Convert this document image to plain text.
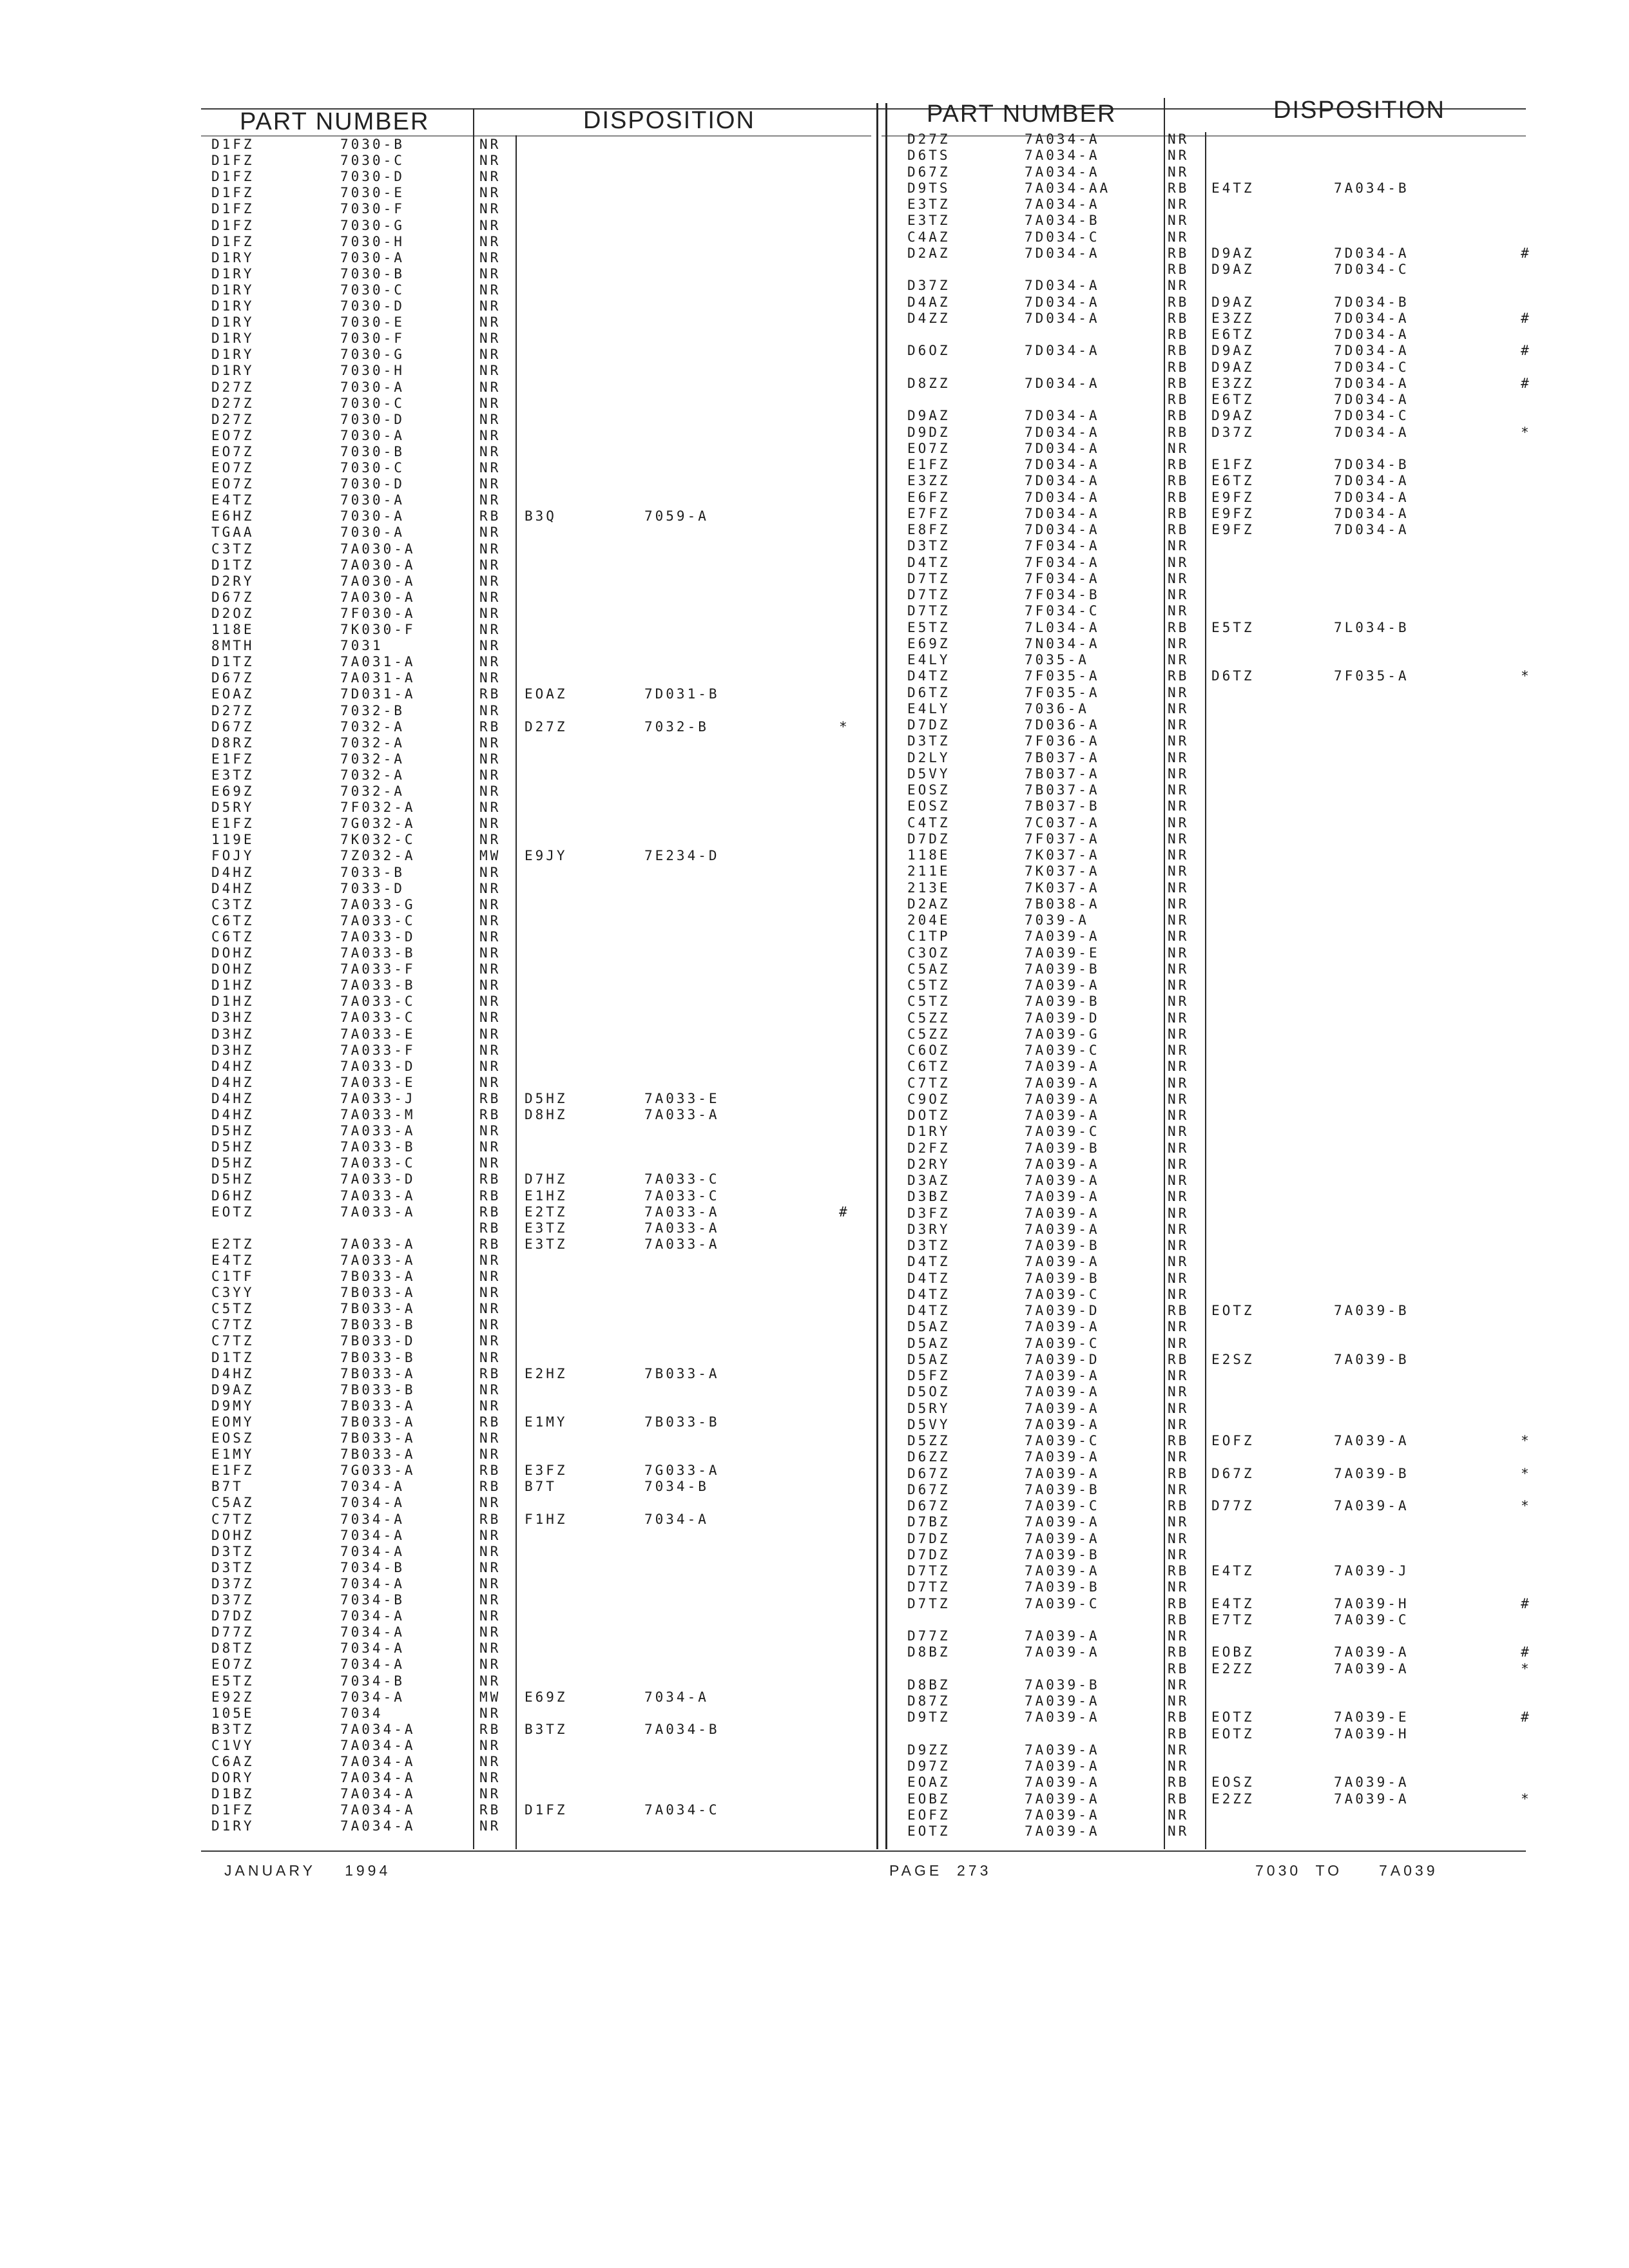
PART NUMBER	DISPOSITION	PART NUMBER	DISPOSITION
D1FZ	7030-B	NR
D1FZ	7030-C	NR
D1FZ	7030-D	NR
D1FZ	7030-E	NR
D1FZ	7030-F	NR
D1FZ	7030-G	NR
D1FZ	7030-H	NR
D1RY	7030-A	NR
D1RY	7030-B	NR
D1RY	7030-C	NR
D1RY	7030-D	NR
D1RY	7030-E	NR
D1RY	7030-F	NR
D1RY	7030-G	NR
D1RY	7030-H	NR
D27Z	7030-A	NR
D27Z	7030-C	NR
D27Z	7030-D	NR
EO7Z	7030-A	NR
EO7Z	7030-B	NR
EO7Z	7030-C	NR
EO7Z	7030-D	NR
E4TZ	7030-A	NR
E6HZ	7030-A	RB B3Q	7059-A
TGAA	7030-A	NR
C3TZ	7A030-A	NR
D1TZ	7A030-A	NR
D2RY	7A030-A	NR
D67Z	7A030-A	NR
D2OZ	7F030-A	NR
118E	7K030-F	NR
8MTH	7031	NR
D1TZ	7A031-A	NR
D67Z	7A031-A	NR
EOAZ	7D031-A	RB EOAZ	7D031-B
D27Z	7032-B	NR
D67Z	7032-A	RB D27Z	7032-B	*
D8RZ	7032-A	NR
E1FZ	7032-A	NR
E3TZ	7032-A	NR
E69Z	7032-A	NR
D5RY	7F032-A	NR
E1FZ	7G032-A	NR
119E	7K032-C	NR
FOJY	7Z032-A	MW E9JY	7E234-D
D4HZ	7033-B	NR
D4HZ	7033-D	NR
C3TZ	7A033-G	NR
C6TZ	7A033-C	NR
C6TZ	7A033-D	NR
DOHZ	7A033-B	NR
DOHZ	7A033-F	NR
D1HZ	7A033-B	NR
D1HZ	7A033-C	NR
D3HZ	7A033-C	NR
D3HZ	7A033-E	NR
D3HZ	7A033-F	NR
D4HZ	7A033-D	NR
D4HZ	7A033-E	NR
D4HZ	7A033-J	RB D5HZ	7A033-E
D4HZ	7A033-M	RB D8HZ	7A033-A
D5HZ	7A033-A	NR
D5HZ	7A033-B	NR
D5HZ	7A033-C	NR
D5HZ	7A033-D	RB D7HZ	7A033-C
D6HZ	7A033-A	RB E1HZ	7A033-C
EOTZ	7A033-A	RB E2TZ	7A033-A	#
RB E3TZ	7A033-A
E2TZ	7A033-A	RB E3TZ	7A033-A
E4TZ	7A033-A	NR
C1TF	7B033-A	NR
C3YY	7B033-A	NR
C5TZ	7B033-A	NR
C7TZ	7B033-B	NR
C7TZ	7B033-D	NR
D1TZ	7B033-B	NR
D4HZ	7B033-A	RB E2HZ	7B033-A
D9AZ	7B033-B	NR
D9MY	7B033-A	NR
EOMY	7B033-A	RB E1MY	7B033-B
EOSZ	7B033-A	NR
E1MY	7B033-A	NR
E1FZ	7G033-A	RB E3FZ	7G033-A
B7T	7034-A	RB B7T	7034-B
C5AZ	7034-A	NR
C7TZ	7034-A	RB F1HZ	7034-A
DOHZ	7034-A	NR
D3TZ	7034-A	NR
D3TZ	7034-B	NR
D37Z	7034-A	NR
D37Z	7034-B	NR
D7DZ	7034-A	NR
D77Z	7034-A	NR
D8TZ	7034-A	NR
EO7Z	7034-A	NR
E5TZ	7034-B	NR
E92Z	7034-A	MW E69Z	7034-A
105E	7034	NR
B3TZ	7A034-A	RB B3TZ	7A034-B
C1VY	7A034-A	NR
C6AZ	7A034-A	NR
DORY	7A034-A	NR
D1BZ	7A034-A	NR
D1FZ	7A034-A	RB D1FZ	7A034-C
D1RY	7A034-A	NR
D27Z	7A034-A	NR
D6TS	7A034-A	NR
D67Z	7A034-A	NR
D9TS	7A034-AA	RB E4TZ	7A034-B
E3TZ	7A034-A	NR
E3TZ	7A034-B	NR
C4AZ	7D034-C	NR
D2AZ	7D034-A	RB D9AZ	7D034-A	#
RB D9AZ	7D034-C
D37Z	7D034-A	NR
D4AZ	7D034-A	RB D9AZ	7D034-B
D4ZZ	7D034-A	RB E3ZZ	7D034-A	#
RB E6TZ	7D034-A
D6OZ	7D034-A	RB D9AZ	7D034-A	#
RB D9AZ	7D034-C
D8ZZ	7D034-A	RB E3ZZ	7D034-A	#
RB E6TZ	7D034-A
D9AZ	7D034-A	RB D9AZ	7D034-C
D9DZ	7D034-A	RB D37Z	7D034-A	*
EO7Z	7D034-A	NR
E1FZ	7D034-A	RB E1FZ	7D034-B
E3ZZ	7D034-A	RB E6TZ	7D034-A
E6FZ	7D034-A	RB E9FZ	7D034-A
E7FZ	7D034-A	RB E9FZ	7D034-A
E8FZ	7D034-A	RB E9FZ	7D034-A
D3TZ	7F034-A	NR
D4TZ	7F034-A	NR
D7TZ	7F034-A	NR
D7TZ	7F034-B	NR
D7TZ	7F034-C	NR
E5TZ	7L034-A	RB E5TZ	7L034-B
E69Z	7N034-A	NR
E4LY	7035-A	NR
D4TZ	7F035-A	RB D6TZ	7F035-A	*
D6TZ	7F035-A	NR
E4LY	7036-A	NR
D7DZ	7D036-A	NR
D3TZ	7F036-A	NR
D2LY	7B037-A	NR
D5VY	7B037-A	NR
EOSZ	7B037-A	NR
EOSZ	7B037-B	NR
C4TZ	7C037-A	NR
D7DZ	7F037-A	NR
118E	7K037-A	NR
211E	7K037-A	NR
213E	7K037-A	NR
D2AZ	7B038-A	NR
204E	7039-A	NR
C1TP	7A039-A	NR
C3OZ	7A039-E	NR
C5AZ	7A039-B	NR
C5TZ	7A039-A	NR
C5TZ	7A039-B	NR
C5ZZ	7A039-D	NR
C5ZZ	7A039-G	NR
C6OZ	7A039-C	NR
C6TZ	7A039-A	NR
C7TZ	7A039-A	NR
C9OZ	7A039-A	NR
DOTZ	7A039-A	NR
D1RY	7A039-C	NR
D2FZ	7A039-B	NR
D2RY	7A039-A	NR
D3AZ	7A039-A	NR
D3BZ	7A039-A	NR
D3FZ	7A039-A	NR
D3RY	7A039-A	NR
D3TZ	7A039-B	NR
D4TZ	7A039-A	NR
D4TZ	7A039-B	NR
D4TZ	7A039-C	NR
D4TZ	7A039-D	RB EOTZ	7A039-B
D5AZ	7A039-A	NR
D5AZ	7A039-C	NR
D5AZ	7A039-D	RB E2SZ	7A039-B
D5FZ	7A039-A	NR
D5OZ	7A039-A	NR
D5RY	7A039-A	NR
D5VY	7A039-A	NR
D5ZZ	7A039-C	RB EOFZ	7A039-A	*
D6ZZ	7A039-A	NR
D67Z	7A039-A	RB D67Z	7A039-B	*
D67Z	7A039-B	NR
D67Z	7A039-C	RB D77Z	7A039-A	*
D7BZ	7A039-A	NR
D7DZ	7A039-A	NR
D7DZ	7A039-B	NR
D7TZ	7A039-A	RB E4TZ	7A039-J
D7TZ	7A039-B	NR
D7TZ	7A039-C	RB E4TZ	7A039-H	#
RB E7TZ	7A039-C
D77Z	7A039-A	NR
D8BZ	7A039-A	RB EOBZ	7A039-A	#
RB E2ZZ	7A039-A	*
D8BZ	7A039-B	NR
D87Z	7A039-A	NR
D9TZ	7A039-A	RB EOTZ	7A039-E	#
RB EOTZ	7A039-H
D9ZZ	7A039-A	NR
D97Z	7A039-A	NR
EOAZ	7A039-A	RB EOSZ	7A039-A
EOBZ	7A039-A	RB E2ZZ	7A039-A	*
EOFZ	7A039-A	NR
EOTZ	7A039-A	NR
JANUARY    1994	PAGE  273	7030  TO     7A039
